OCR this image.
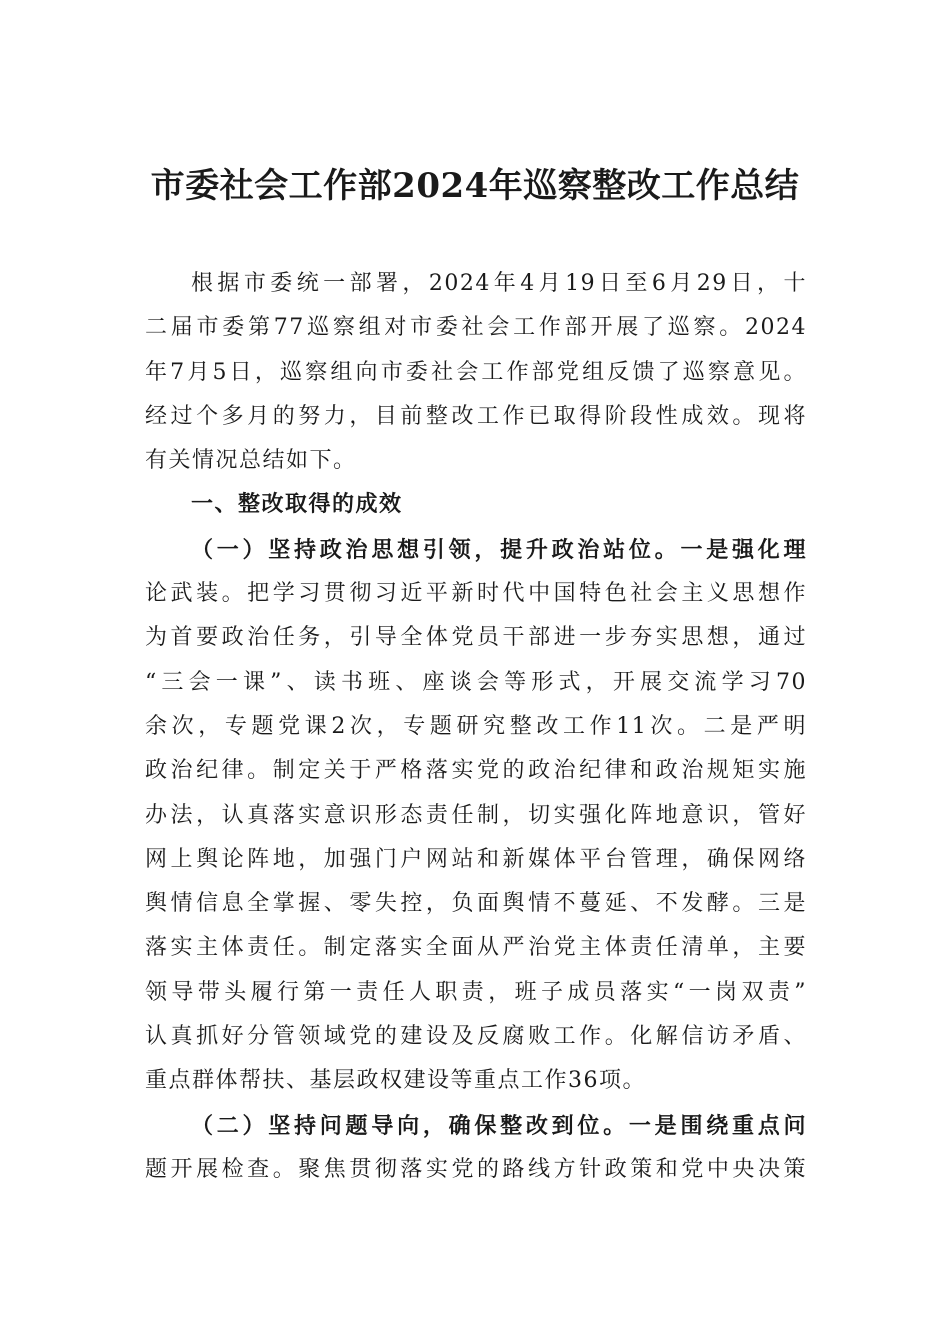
市委社会工作部2024年巡察整改工作总结
根据市委统一部署，2024年4月19日至6月29日，十
二届市委第77巡察组对市委社会工作部开展了巡察。2024
年7月5日，巡察组向市委社会工作部党组反馈了巡察意见。
经过个多月的努力，目前整改工作已取得阶段性成效。现将
有关情况总结如下。
一、整改取得的成效
（一）坚持政治思想引领，提升政治站位。一是强化理
论武装。把学习贯彻习近平新时代中国特色社会主义思想作
为首要政治任务，引导全体党员干部进一步夯实思想，通过
“三会一课”、读书班、座谈会等形式，开展交流学习70
余次，专题党课2次，专题研究整改工作11次。二是严明
政治纪律。制定关于严格落实党的政治纪律和政治规矩实施
办法，认真落实意识形态责任制，切实强化阵地意识，管好
网上舆论阵地，加强门户网站和新媒体平台管理，确保网络
舆情信息全掌握、零失控，负面舆情不蔓延、不发酵。三是
落实主体责任。制定落实全面从严治党主体责任清单，主要
领导带头履行第一责任人职责，班子成员落实“一岗双责”
认真抓好分管领域党的建设及反腐败工作。化解信访矛盾、
重点群体帮扶、基层政权建设等重点工作36项。
（二）坚持问题导向，确保整改到位。一是围绕重点问
题开展检查。聚焦贯彻落实党的路线方针政策和党中央决策
